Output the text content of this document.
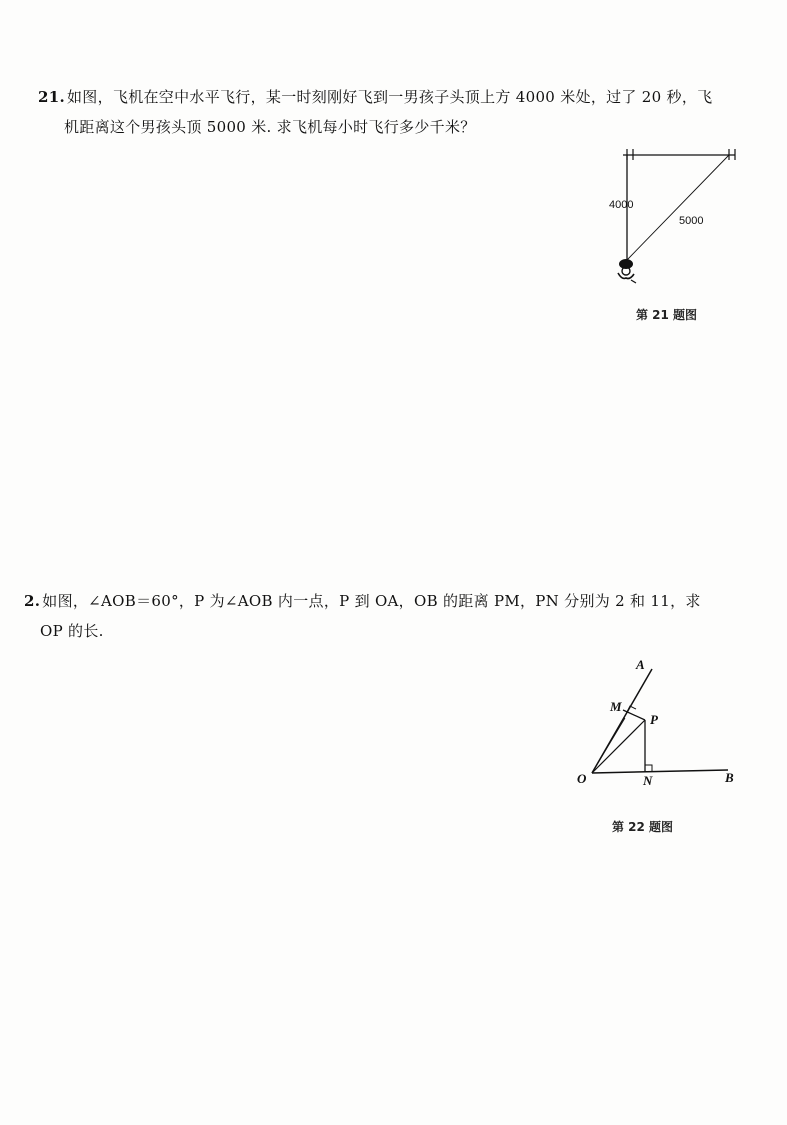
21. 如图，飞机在空中水平飞行，某一时刻刚好飞到一男孩子头顶上方 4000 米处，过了 20 秒，飞
机距离这个男孩头顶 5000 米. 求飞机每小时飞行多少千米？
4000
5000
第 21 题图
2. 如图，∠AOB＝60°，P 为∠AOB 内一点，P 到 OA，OB 的距离 PM，PN 分别为 2 和 11，求
OP 的长.
A
M
P
O	N	B
第 22 题图
